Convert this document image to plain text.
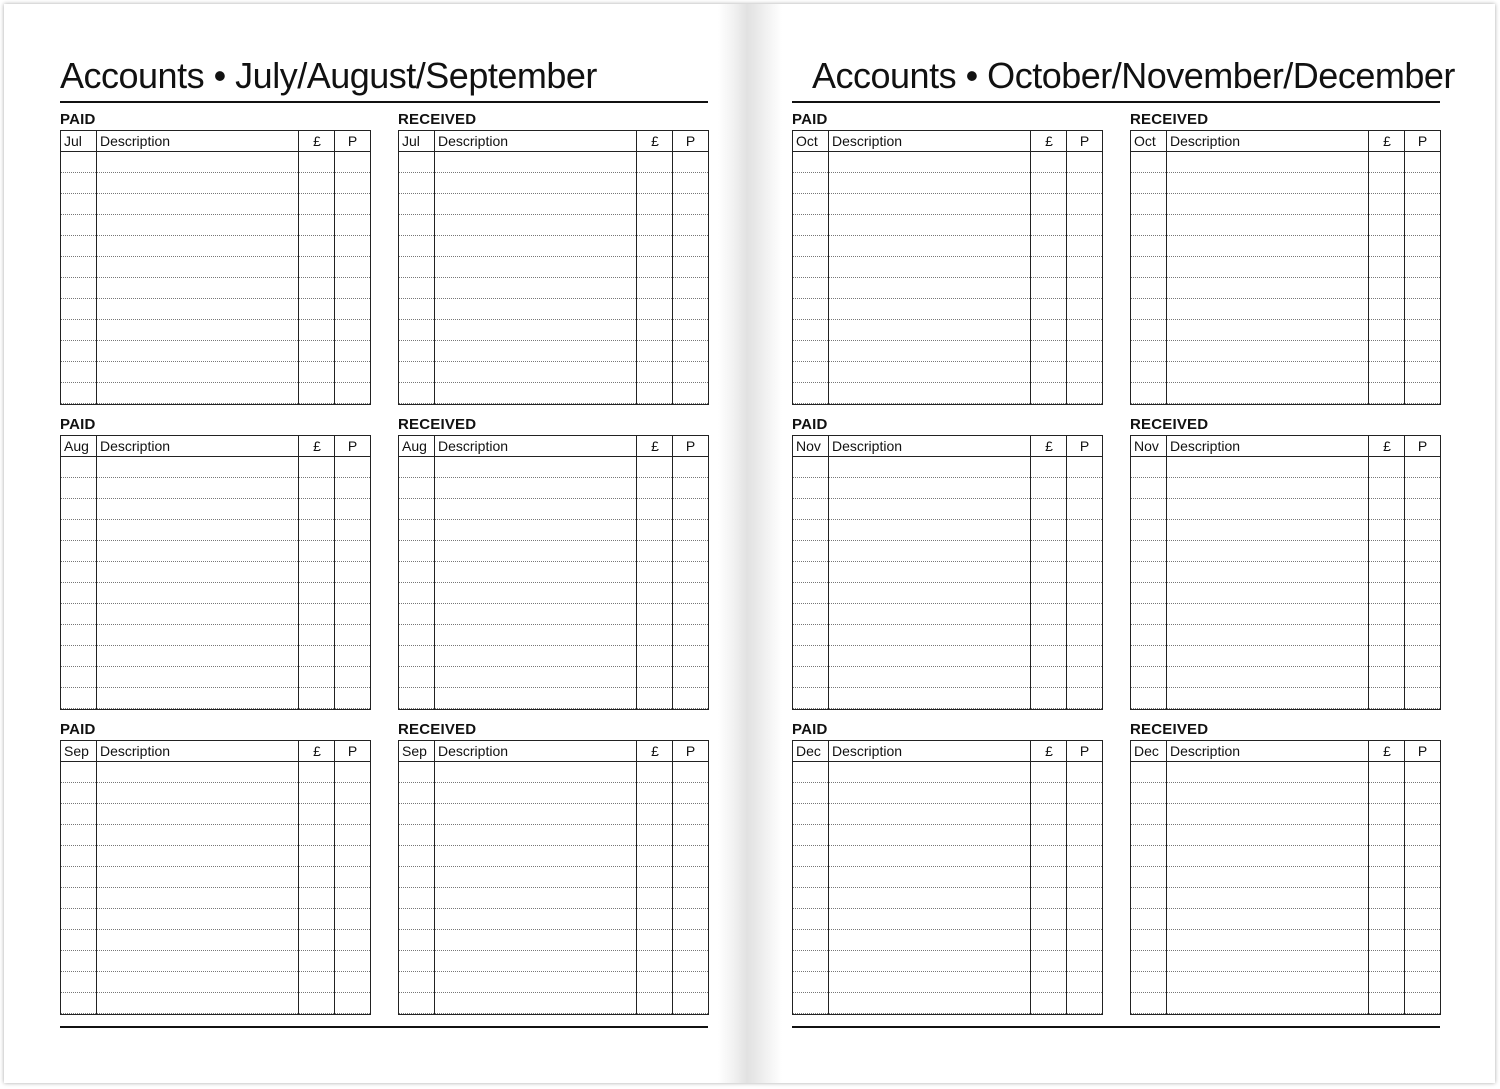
Accounts • July/August/September
PAID
Jul Description	£	P
RECEIVED
Jul Description	£	P
PAID
Aug Description	£	P
RECEIVED
Aug Description	£	P
PAID
Sep Description	£	P
RECEIVED
Sep Description	£	P
Accounts • October/November/December
PAID
Oct Description	£	P
RECEIVED
Oct Description	£	P
PAID
Nov Description	£	P
RECEIVED
Nov Description	£	P
PAID
Dec Description	£	P
RECEIVED
Dec Description	£	P
